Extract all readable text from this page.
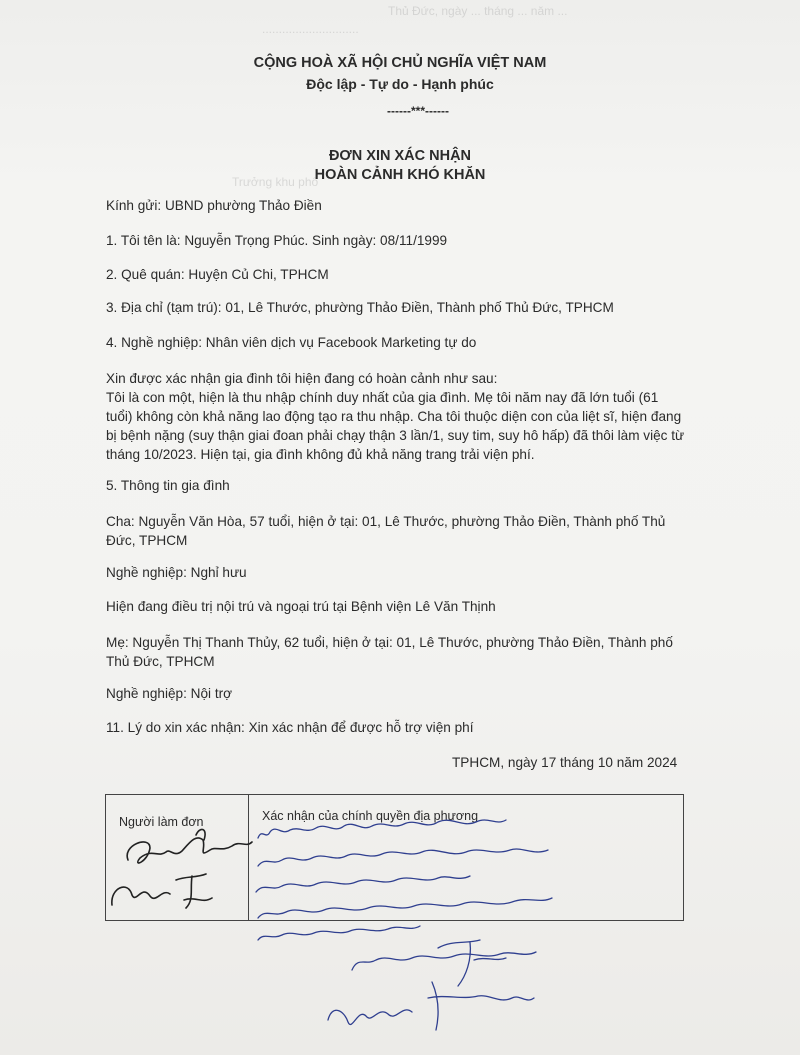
Thủ Đức, ngày ... tháng ... năm ...
.............................
Trưởng khu phố
CỘNG HOÀ XÃ HỘI CHỦ NGHĨA VIỆT NAM
Độc lập - Tự do - Hạnh phúc
------***------
ĐƠN XIN XÁC NHẬN
HOÀN CẢNH KHÓ KHĂN
Kính gửi: UBND phường Thảo Điền
1. Tôi tên là: Nguyễn Trọng Phúc. Sinh ngày: 08/11/1999
2. Quê quán: Huyện Củ Chi, TPHCM
3. Địa chỉ (tạm trú): 01, Lê Thước, phường Thảo Điền, Thành phố Thủ Đức, TPHCM
4. Nghề nghiệp: Nhân viên dịch vụ Facebook Marketing tự do
Xin được xác nhận gia đình tôi hiện đang có hoàn cảnh như sau:
Tôi là con một, hiện là thu nhập chính duy nhất của gia đình. Mẹ tôi năm nay đã lớn tuổi (61 tuổi) không còn khả năng lao động tạo ra thu nhập. Cha tôi thuộc diện con của liệt sĩ, hiện đang bị bệnh nặng (suy thận giai đoan phải chạy thận 3 lần/1, suy tim, suy hô hấp) đã thôi làm việc từ tháng 10/2023. Hiện tại, gia đình không đủ khả năng trang trải viện phí.
5. Thông tin gia đình
Cha: Nguyễn Văn Hòa, 57 tuổi, hiện ở tại: 01, Lê Thước, phường Thảo Điền, Thành phố Thủ Đức, TPHCM
Nghề nghiệp: Nghỉ hưu
Hiện đang điều trị nội trú và ngoại trú tại Bệnh viện Lê Văn Thịnh
Mẹ: Nguyễn Thị Thanh Thủy, 62 tuổi, hiện ở tại: 01, Lê Thước, phường Thảo Điền, Thành phố Thủ Đức, TPHCM
Nghề nghiệp: Nội trợ
11. Lý do xin xác nhận: Xin xác nhận để được hỗ trợ viện phí
TPHCM, ngày 17 tháng 10 năm 2024
Người làm đơn	Xác nhận của chính quyền địa phương
